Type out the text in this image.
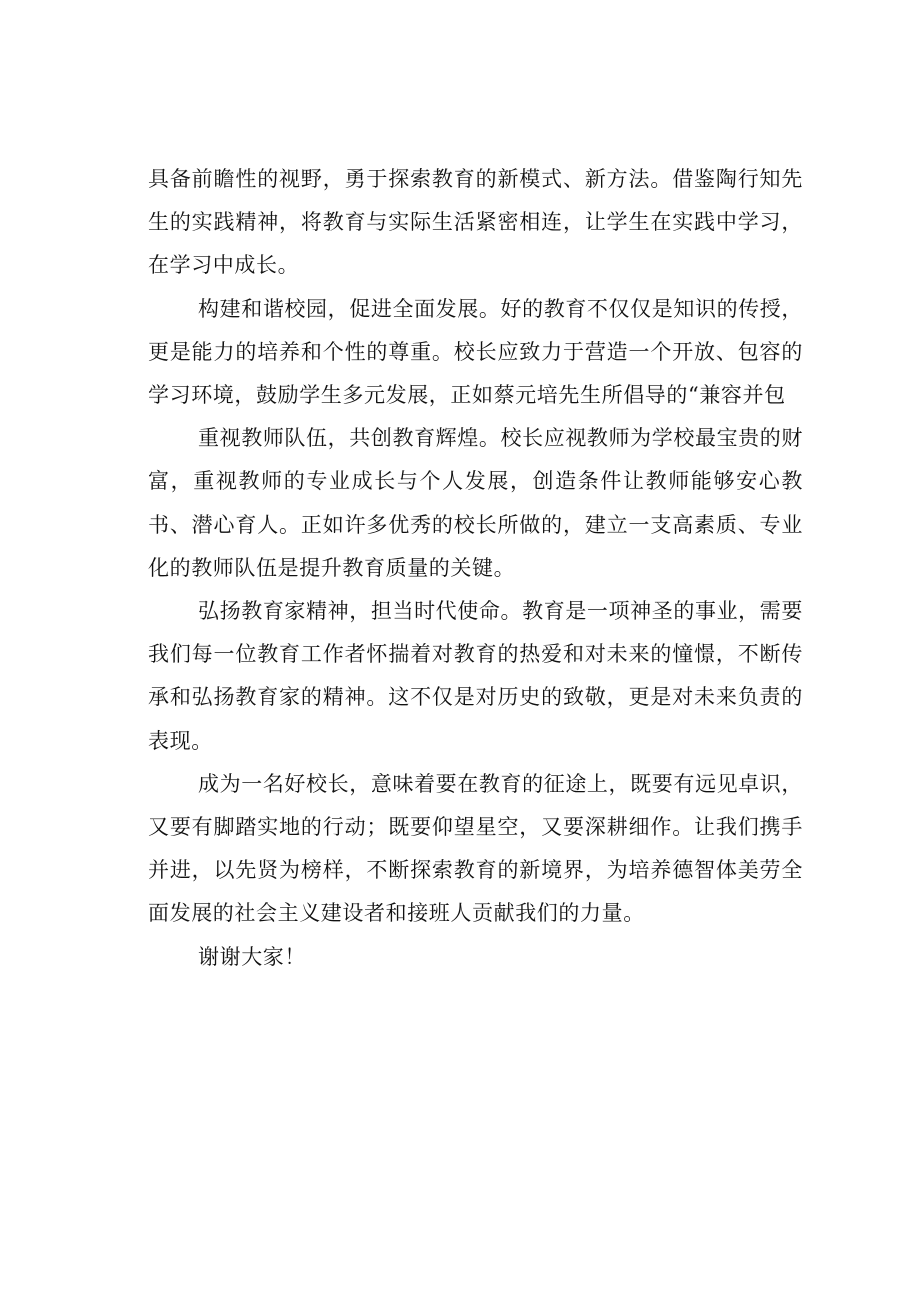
具备前瞻性的视野，勇于探索教育的新模式、新方法。借鉴陶行知先生的实践精神，将教育与实际生活紧密相连，让学生在实践中学习，在学习中成长。

构建和谐校园，促进全面发展。好的教育不仅仅是知识的传授，更是能力的培养和个性的尊重。校长应致力于营造一个开放、包容的学习环境，鼓励学生多元发展，正如蔡元培先生所倡导的“兼容并包

重视教师队伍，共创教育辉煌。校长应视教师为学校最宝贵的财富，重视教师的专业成长与个人发展，创造条件让教师能够安心教书、潜心育人。正如许多优秀的校长所做的，建立一支高素质、专业化的教师队伍是提升教育质量的关键。

弘扬教育家精神，担当时代使命。教育是一项神圣的事业，需要我们每一位教育工作者怀揣着对教育的热爱和对未来的憧憬，不断传承和弘扬教育家的精神。这不仅是对历史的致敬，更是对未来负责的表现。

成为一名好校长，意味着要在教育的征途上，既要有远见卓识，又要有脚踏实地的行动；既要仰望星空，又要深耕细作。让我们携手并进，以先贤为榜样，不断探索教育的新境界，为培养德智体美劳全面发展的社会主义建设者和接班人贡献我们的力量。

谢谢大家！
